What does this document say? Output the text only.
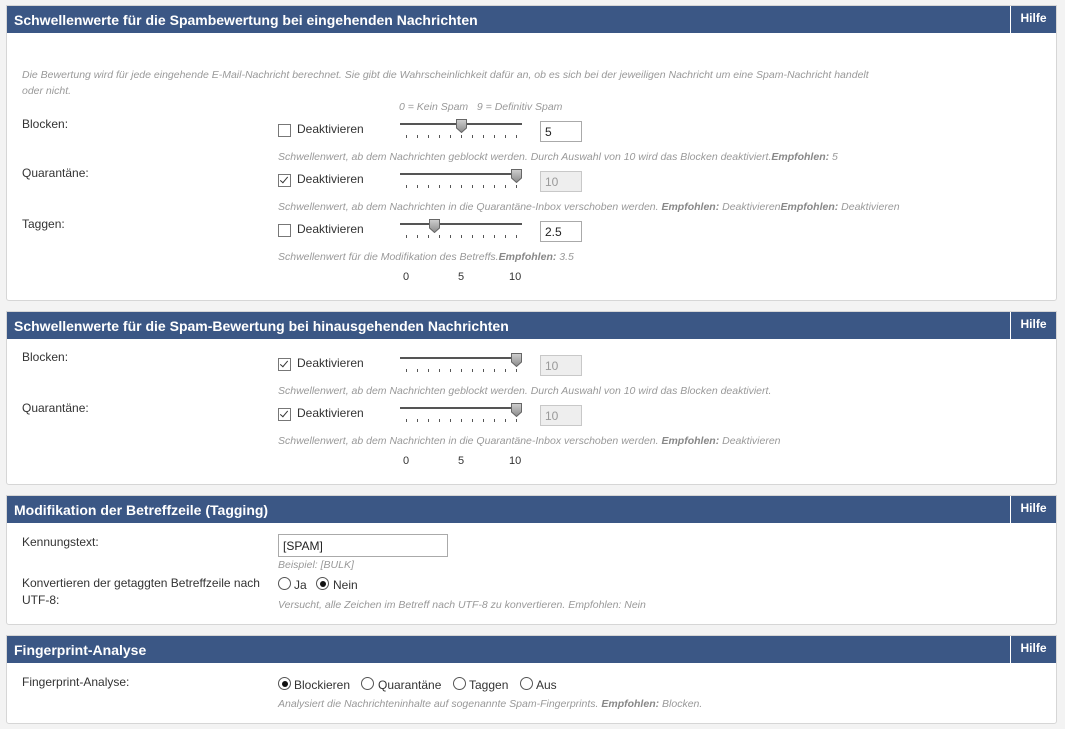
Schwellenwerte für die Spambewertung bei eingehenden Nachrichten	Hilfe
Die Bewertung wird für jede eingehende E-Mail-Nachricht berechnet. Sie gibt die Wahrscheinlichkeit dafür an, ob es sich bei der jeweiligen Nachricht um eine Spam-Nachricht handelt
oder nicht.
0 = Kein Spam   9 = Definitiv Spam
Blocken:	Deaktivieren	5
Schwellenwert, ab dem Nachrichten geblockt werden. Durch Auswahl von 10 wird das Blocken deaktiviert.Empfohlen: 5
Quarantäne:	Deaktivieren	10
Schwellenwert, ab dem Nachrichten in die Quarantäne-Inbox verschoben werden. Empfohlen: DeaktivierenEmpfohlen: Deaktivieren
Taggen:	Deaktivieren	2.5
Schwellenwert für die Modifikation des Betreffs.Empfohlen: 3.5
0	5	10
Schwellenwerte für die Spam-Bewertung bei hinausgehenden Nachrichten	Hilfe
Blocken:	Deaktivieren	10
Schwellenwert, ab dem Nachrichten geblockt werden. Durch Auswahl von 10 wird das Blocken deaktiviert.
Quarantäne:	Deaktivieren	10
Schwellenwert, ab dem Nachrichten in die Quarantäne-Inbox verschoben werden. Empfohlen: Deaktivieren
0	5	10
Modifikation der Betreffzeile (Tagging)	Hilfe
Kennungstext:
[SPAM]
Beispiel: [BULK]
Konvertieren der getaggten Betreffzeile nach
UTF-8:
Ja Nein
Versucht, alle Zeichen im Betreff nach UTF-8 zu konvertieren. Empfohlen: Nein
Fingerprint-Analyse	Hilfe
Fingerprint-Analyse:	Blockieren Quarantäne Taggen Aus
Analysiert die Nachrichteninhalte auf sogenannte Spam-Fingerprints. Empfohlen: Blocken.
